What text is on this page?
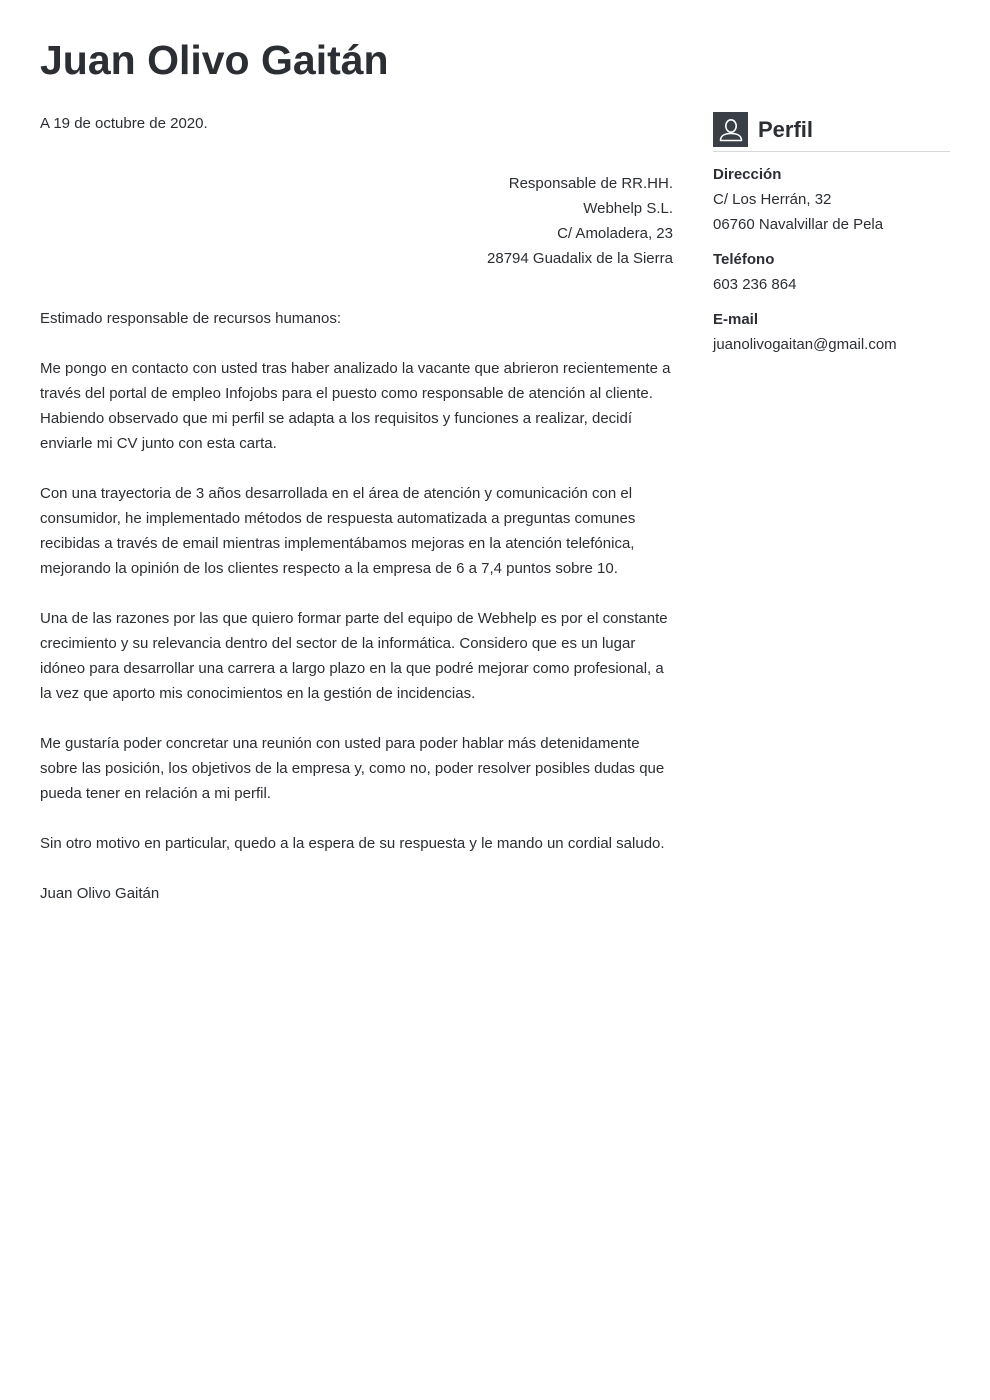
Juan Olivo Gaitán

A 19 de octubre de 2020.

Responsable de RR.HH.
Webhelp S.L.
C/ Amoladera, 23
28794 Guadalix de la Sierra

Estimado responsable de recursos humanos:

Me pongo en contacto con usted tras haber analizado la vacante que abrieron recientemente a través del portal de empleo Infojobs para el puesto como responsable de atención al cliente. Habiendo observado que mi perfil se adapta a los requisitos y funciones a realizar, decidí enviarle mi CV junto con esta carta.

Con una trayectoria de 3 años desarrollada en el área de atención y comunicación con el consumidor, he implementado métodos de respuesta automatizada a preguntas comunes recibidas a través de email mientras implementábamos mejoras en la atención telefónica, mejorando la opinión de los clientes respecto a la empresa de 6 a 7,4 puntos sobre 10.

Una de las razones por las que quiero formar parte del equipo de Webhelp es por el constante crecimiento y su relevancia dentro del sector de la informática. Considero que es un lugar idóneo para desarrollar una carrera a largo plazo en la que podré mejorar como profesional, a la vez que aporto mis conocimientos en la gestión de incidencias.

Me gustaría poder concretar una reunión con usted para poder hablar más detenidamente sobre las posición, los objetivos de la empresa y, como no, poder resolver posibles dudas que pueda tener en relación a mi perfil.

Sin otro motivo en particular, quedo a la espera de su respuesta y le mando un cordial saludo.

Juan Olivo Gaitán

Perfil
Dirección
C/ Los Herrán, 32
06760 Navalvillar de Pela
Teléfono
603 236 864
E-mail
juanolivogaitan@gmail.com
